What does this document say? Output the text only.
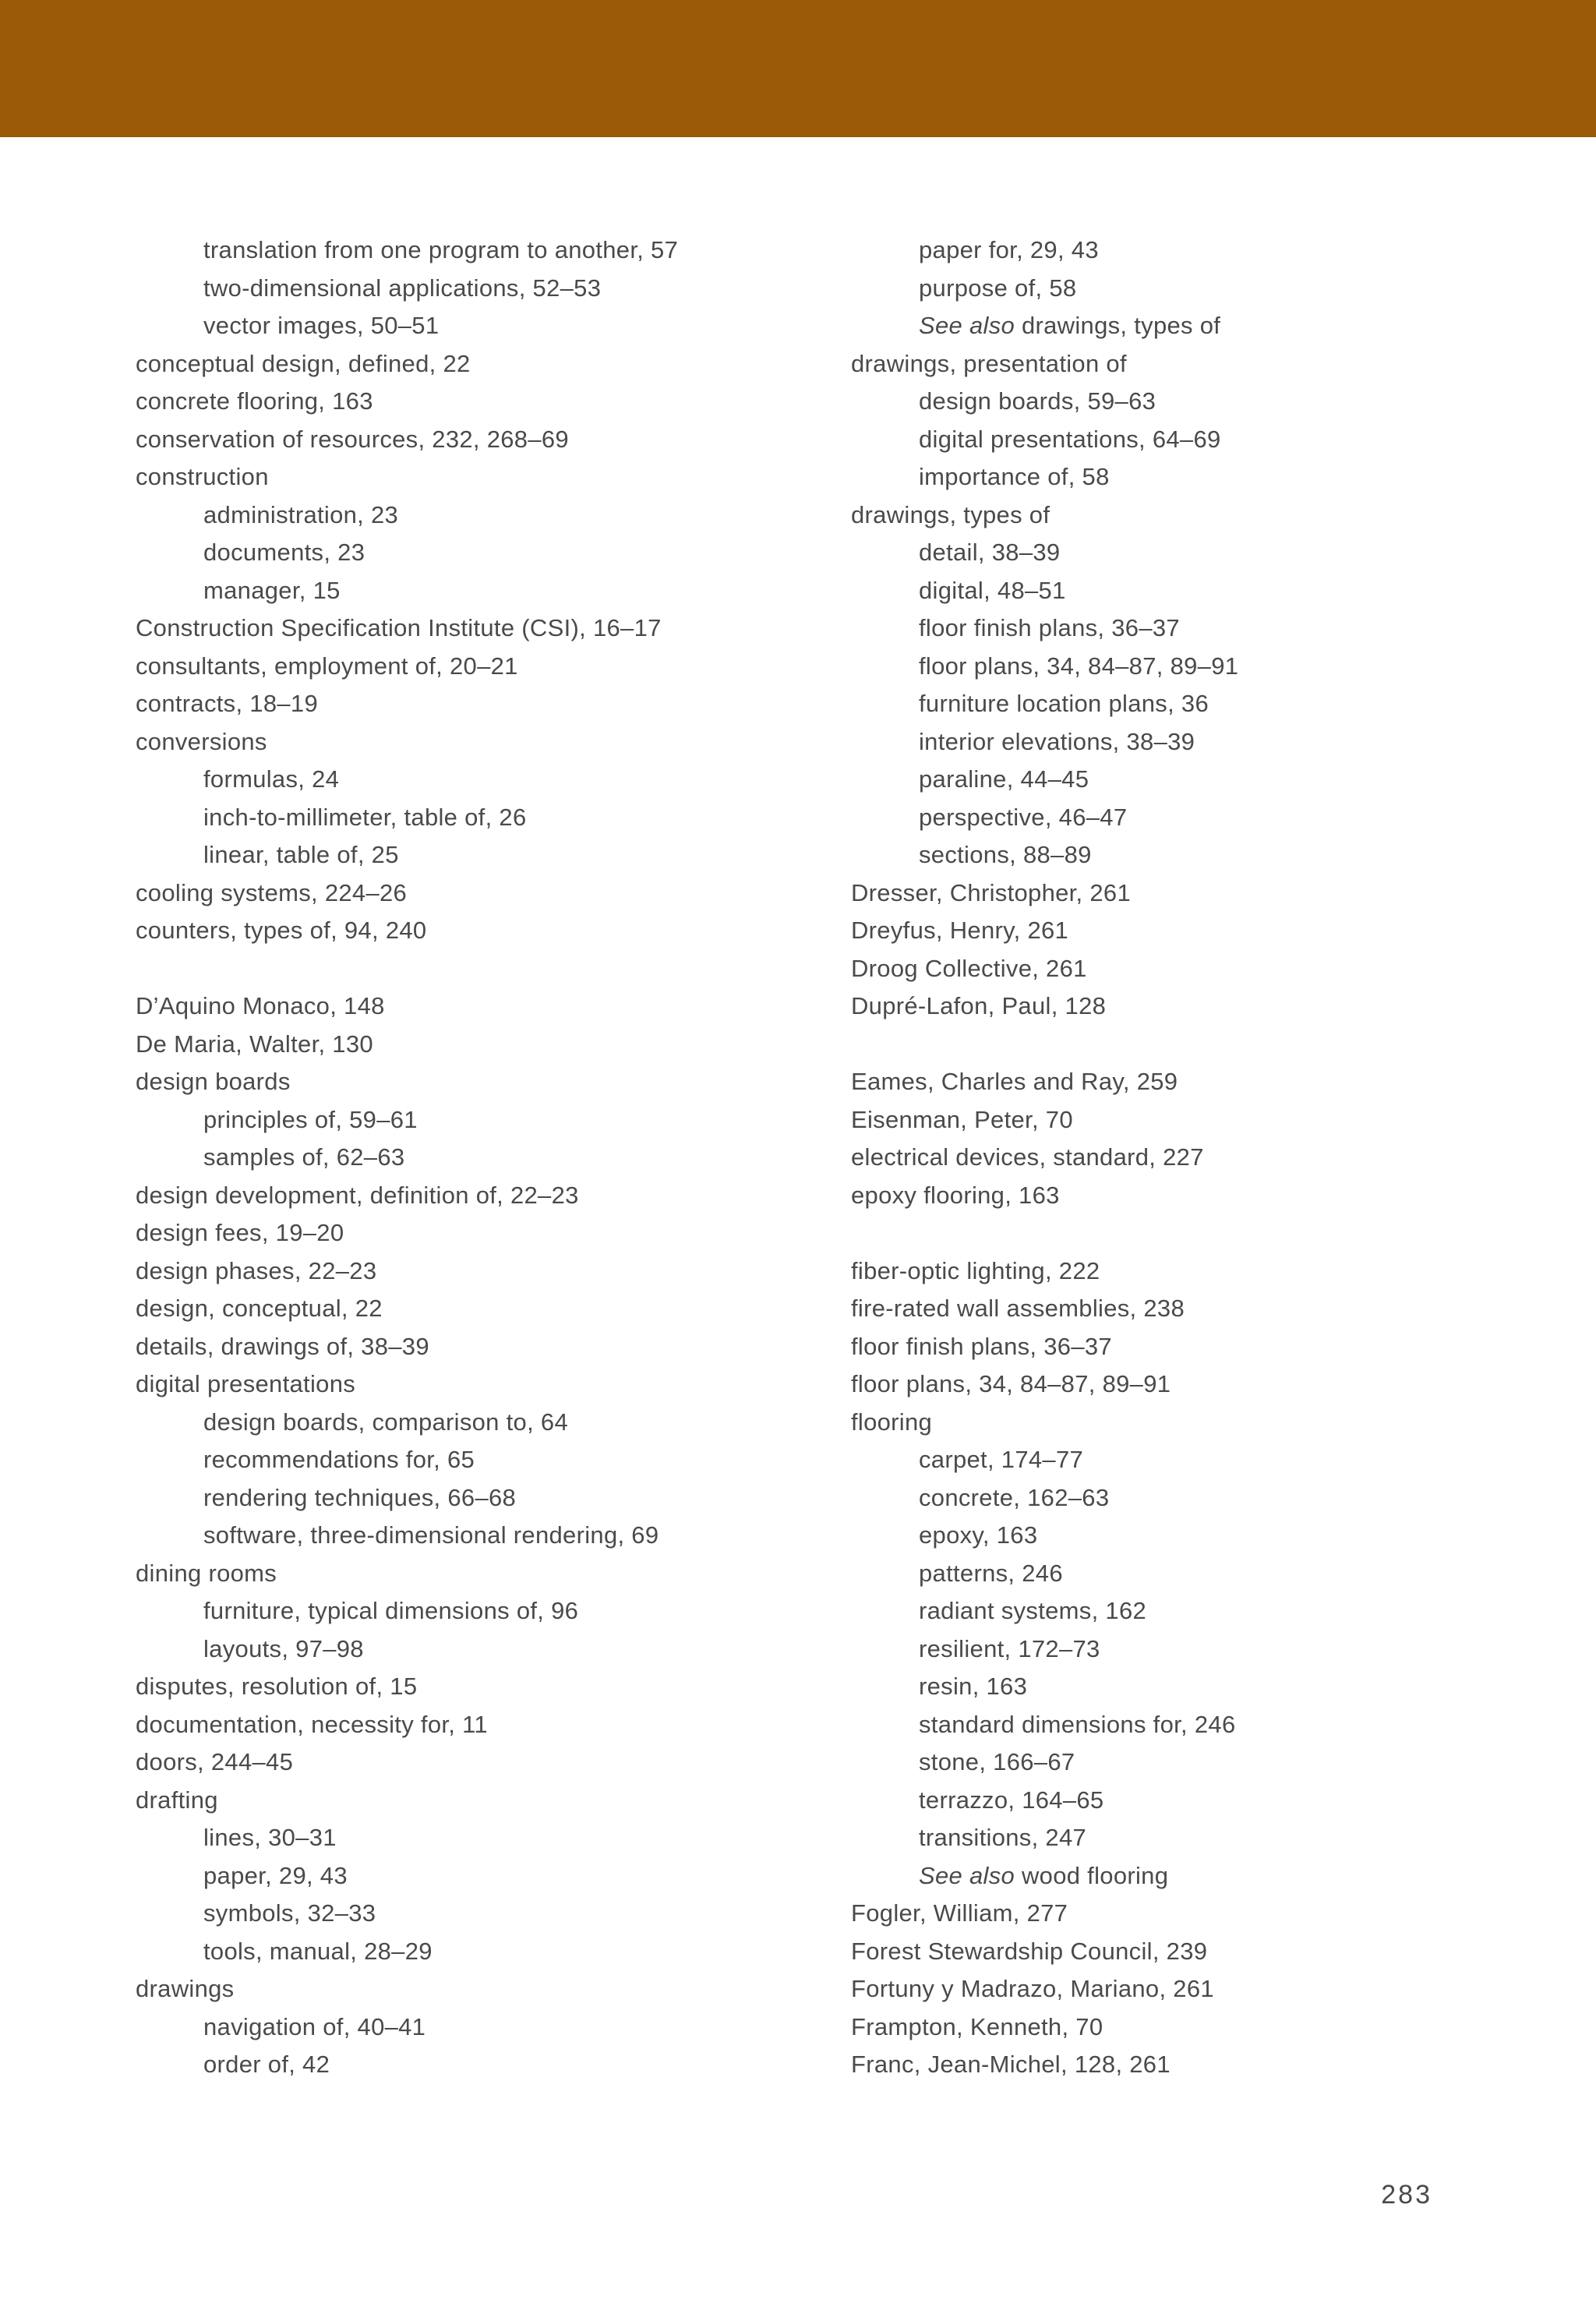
translation from one program to another, 57
two-dimensional applications, 52–53
vector images, 50–51
conceptual design, defined, 22
concrete flooring, 163
conservation of resources, 232, 268–69
construction
administration, 23
documents, 23
manager, 15
Construction Specification Institute (CSI), 16–17
consultants, employment of, 20–21
contracts, 18–19
conversions
formulas, 24
inch-to-millimeter, table of, 26
linear, table of, 25
cooling systems, 224–26
counters, types of, 94, 240
D’Aquino Monaco, 148
De Maria, Walter, 130
design boards
principles of, 59–61
samples of, 62–63
design development, definition of, 22–23
design fees, 19–20
design phases, 22–23
design, conceptual, 22
details, drawings of, 38–39
digital presentations
design boards, comparison to, 64
recommendations for, 65
rendering techniques, 66–68
software, three-dimensional rendering, 69
dining rooms
furniture, typical dimensions of, 96
layouts, 97–98
disputes, resolution of, 15
documentation, necessity for, 11
doors, 244–45
drafting
lines, 30–31
paper, 29, 43
symbols, 32–33
tools, manual, 28–29
drawings
navigation of, 40–41
order of, 42
paper for, 29, 43
purpose of, 58
See also drawings, types of
drawings, presentation of
design boards, 59–63
digital presentations, 64–69
importance of, 58
drawings, types of
detail, 38–39
digital, 48–51
floor finish plans, 36–37
floor plans, 34, 84–87, 89–91
furniture location plans, 36
interior elevations, 38–39
paraline, 44–45
perspective, 46–47
sections, 88–89
Dresser, Christopher, 261
Dreyfus, Henry, 261
Droog Collective, 261
Dupré-Lafon, Paul, 128
Eames, Charles and Ray, 259
Eisenman, Peter, 70
electrical devices, standard, 227
epoxy flooring, 163
fiber-optic lighting, 222
fire-rated wall assemblies, 238
floor finish plans, 36–37
floor plans, 34, 84–87, 89–91
flooring
carpet, 174–77
concrete, 162–63
epoxy, 163
patterns, 246
radiant systems, 162
resilient, 172–73
resin, 163
standard dimensions for, 246
stone, 166–67
terrazzo, 164–65
transitions, 247
See also wood flooring
Fogler, William, 277
Forest Stewardship Council, 239
Fortuny y Madrazo, Mariano, 261
Frampton, Kenneth, 70
Franc, Jean-Michel, 128, 261
283
